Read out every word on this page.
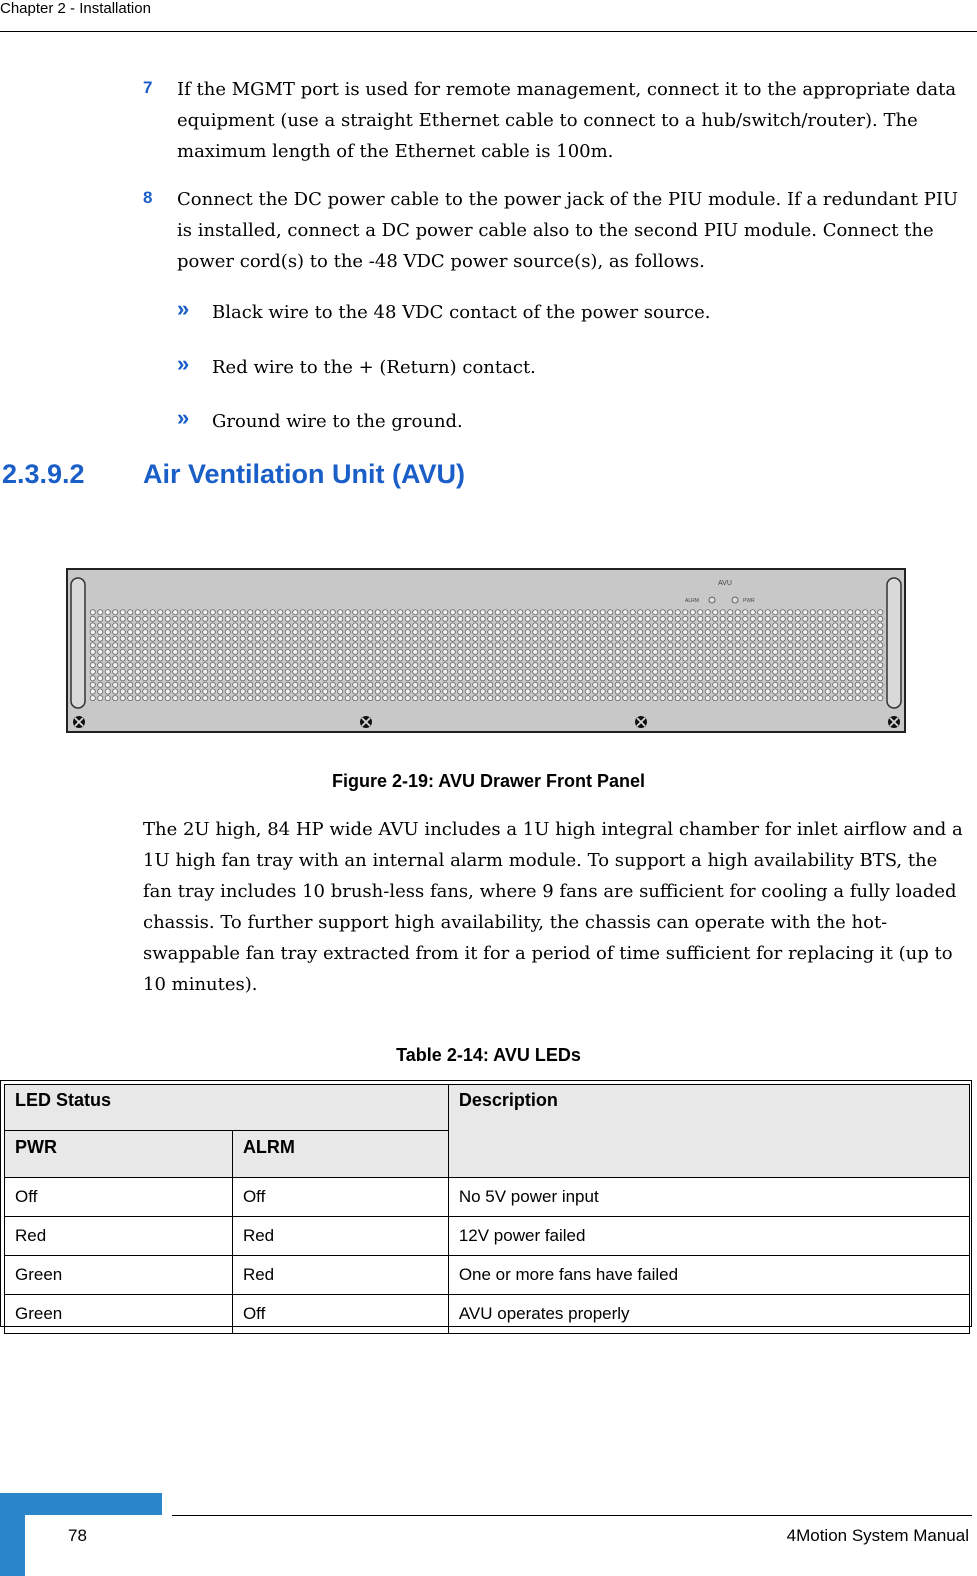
Chapter 2 - Installation
7 If the MGMT port is used for remote management, connect it to the appropriate data equipment (use a straight Ethernet cable to connect to a hub/switch/router). The maximum length of the Ethernet cable is 100m.
8 Connect the DC power cable to the power jack of the PIU module. If a redundant PIU is installed, connect a DC power cable also to the second PIU module. Connect the power cord(s) to the -48 VDC power source(s), as follows.
» Black wire to the 48 VDC contact of the power source.
» Red wire to the + (Return) contact.
» Ground wire to the ground.
2.3.9.2 Air Ventilation Unit (AVU)
AVU
ALRM	PWR
Figure 2-19: AVU Drawer Front Panel
The 2U high, 84 HP wide AVU includes a 1U high integral chamber for inlet airflow and a 1U high fan tray with an internal alarm module. To support a high availability BTS, the fan tray includes 10 brush-less fans, where 9 fans are sufficient for cooling a fully loaded chassis. To further support high availability, the chassis can operate with the hot-swappable fan tray extracted from it for a period of time sufficient for replacing it (up to 10 minutes).
Table 2-14: AVU LEDs
LED Status		Description
PWR	ALRM	
Off	Off	No 5V power input
Red	Red	12V power failed
Green	Red	One or more fans have failed
Green	Off	AVU operates properly
78	4Motion System Manual
